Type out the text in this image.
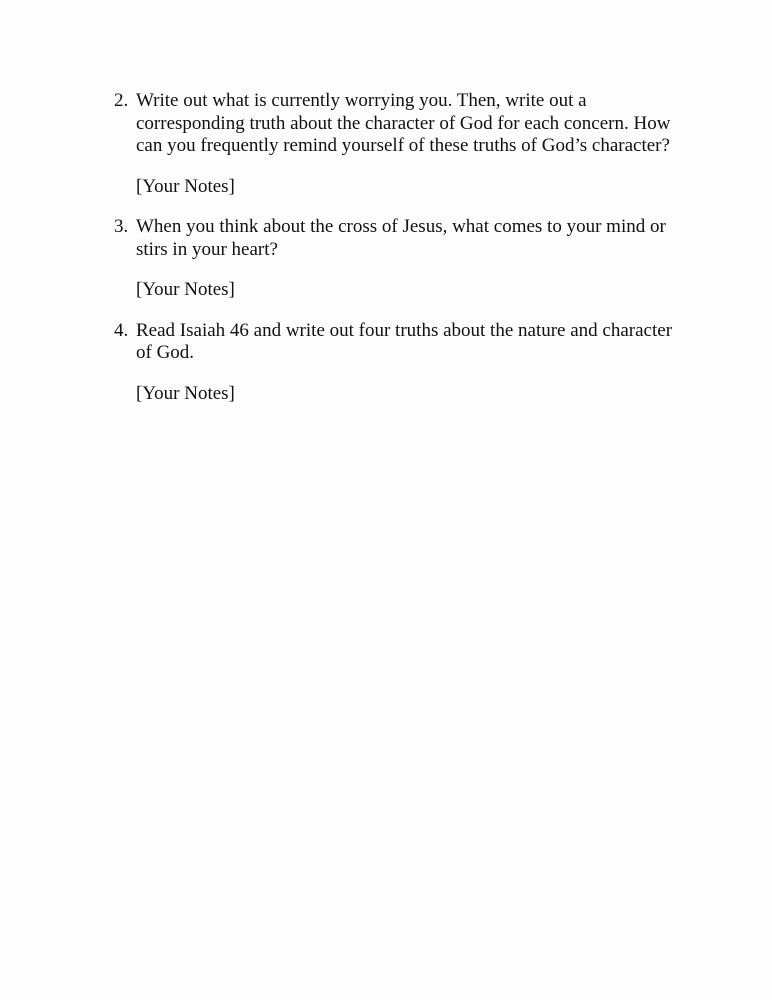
2. Write out what is currently worrying you. Then, write out a
corresponding truth about the character of God for each concern. How
can you frequently remind yourself of these truths of God’s character?

[Your Notes]

3. When you think about the cross of Jesus, what comes to your mind or
stirs in your heart?

[Your Notes]

4. Read Isaiah 46 and write out four truths about the nature and character
of God.

[Your Notes]
